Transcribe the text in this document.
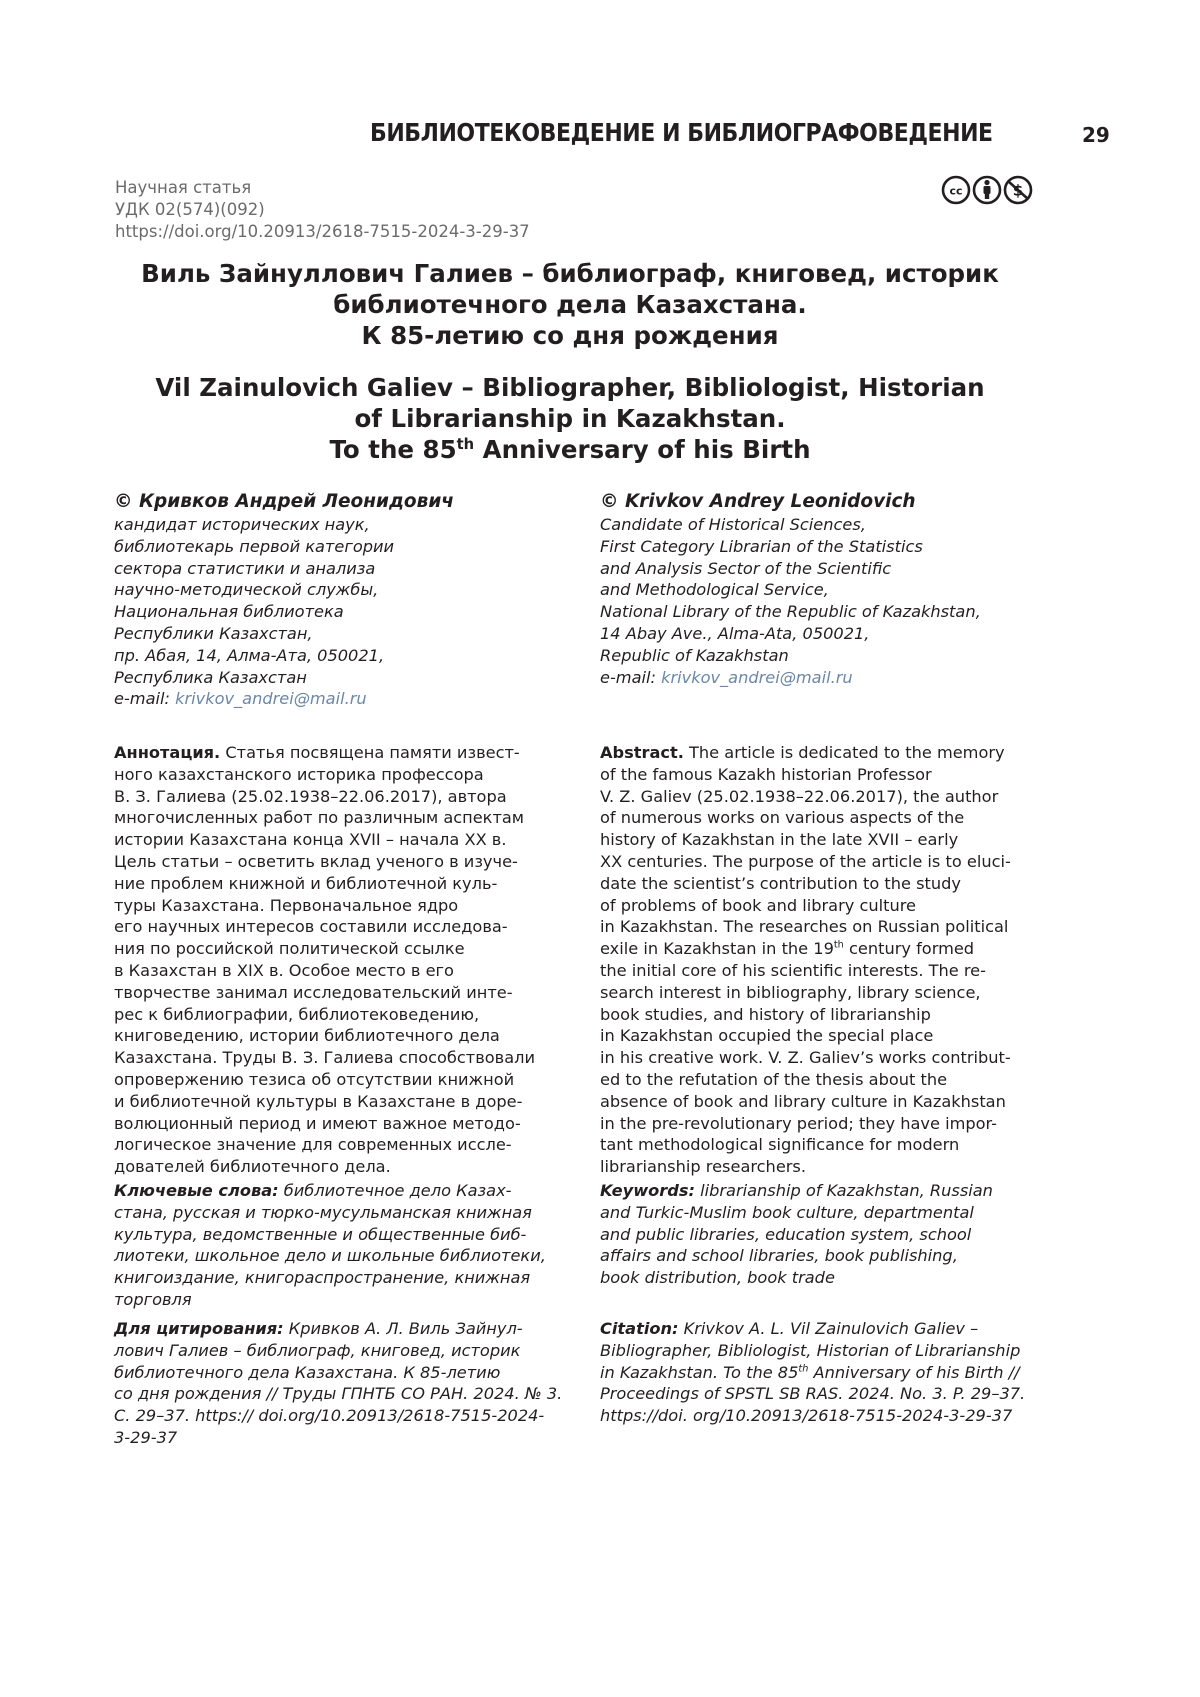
БИБЛИОТЕКОВЕДЕНИЕ И БИБЛИОГРАФОВЕДЕНИЕ	29
Научная статья
УДК 02(574)(092)
https://doi.org/10.20913/2618-7515-2024-3-29-37
cc
Виль Зайнуллович Галиев – библиограф, книговед, историк
библиотечного дела Казахстана.
К 85-летию со дня рождения
Vil Zainulovich Galiev – Bibliographer, Bibliologist, Historian
of Librarianship in Kazakhstan.
To the 85th Anniversary of his Birth
© Кривков Андрей Леонидович
кандидат исторических наук,
библиотекарь первой категории
сектора статистики и анализа
научно-методической службы,
Национальная библиотека
Республики Казахстан,
пр. Абая, 14, Алма-Ата, 050021,
Республика Казахстан
e-mail: krivkov_andrei@mail.ru
© Krivkov Andrey Leonidovich
Candidate of Historical Sciences,
First Category Librarian of the Statistics
and Analysis Sector of the Scientific
and Methodological Service,
National Library of the Republic of Kazakhstan,
14 Abay Ave., Alma-Ata, 050021,
Republic of Kazakhstan
e-mail: krivkov_andrei@mail.ru
Аннотация. Статья посвящена памяти извест-
ного казахстанского историка профессора
В. З. Галиева (25.02.1938–22.06.2017), автора
многочисленных работ по различным аспектам
истории Казахстана конца XVII – начала XX в.
Цель статьи – осветить вклад ученого в изуче-
ние проблем книжной и библиотечной куль-
туры Казахстана. Первоначальное ядро
его научных интересов составили исследова-
ния по российской политической ссылке
в Казахстан в XIX в. Особое место в его
творчестве занимал исследовательский инте-
рес к библиографии, библиотековедению,
книговедению, истории библиотечного дела
Казахстана. Труды В. З. Галиева способствовали
опровержению тезиса об отсутствии книжной
и библиотечной культуры в Казахстане в доре-
волюционный период и имеют важное методо-
логическое значение для современных иссле-
дователей библиотечного дела.
Ключевые слова: библиотечное дело Казах-
стана, русская и тюрко-мусульманская книжная
культура, ведомственные и общественные биб-
лиотеки, школьное дело и школьные библиотеки,
книгоиздание, книгораспространение, книжная
торговля
Для цитирования: Кривков А. Л. Виль Зайнул-
лович Галиев – библиограф, книговед, историк
библиотечного дела Казахстана. К 85-летию
со дня рождения // Труды ГПНТБ СО РАН. 2024. № 3.
С. 29–37. https:// doi.org/10.20913/2618-7515-2024-
3-29-37
Abstract. The article is dedicated to the memory
of the famous Kazakh historian Professor
V. Z. Galiev (25.02.1938–22.06.2017), the author
of numerous works on various aspects of the
history of Kazakhstan in the late XVII – early
XX centuries. The purpose of the article is to eluci-
date the scientist’s contribution to the study
of problems of book and library culture
in Kazakhstan. The researches on Russian political
exile in Kazakhstan in the 19th century formed
the initial core of his scientific interests. The re-
search interest in bibliography, library science,
book studies, and history of librarianship
in Kazakhstan occupied the special place
in his creative work. V. Z. Galiev’s works contribut-
ed to the refutation of the thesis about the
absence of book and library culture in Kazakhstan
in the pre-revolutionary period; they have impor-
tant methodological significance for modern
librarianship researchers.
Keywords: librarianship of Kazakhstan, Russian
and Turkic-Muslim book culture, departmental
and public libraries, education system, school
affairs and school libraries, book publishing,
book distribution, book trade
Citation: Krivkov A. L. Vil Zainulovich Galiev –
Bibliographer, Bibliologist, Historian of Librarianship
in Kazakhstan. To the 85th Anniversary of his Birth //
Proceedings of SPSTL SB RAS. 2024. No. 3. P. 29–37.
https://doi. org/10.20913/2618-7515-2024-3-29-37
